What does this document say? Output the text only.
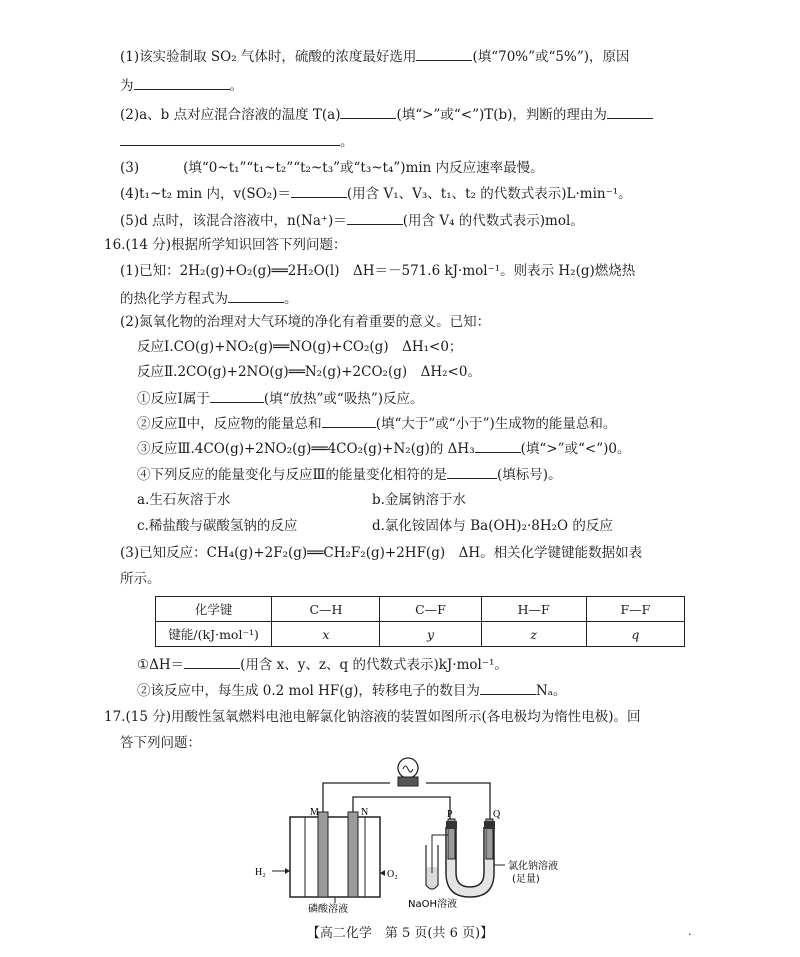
(1)该实验制取 SO₂ 气体时，硫酸的浓度最好选用	(填“70%”或“5%”)，原因
为	。
(2)a、b 点对应混合溶液的温度 T(a)	(填“>”或“<”)T(b)，判断的理由为
。
(3)	(填“0~t₁”“t₁~t₂”“t₂~t₃”或“t₃~t₄”)min 内反应速率最慢。
(4)t₁~t₂ min 内，v(SO₂)＝	(用含 V₁、V₃、t₁、t₂ 的代数式表示)L·min⁻¹。
(5)d 点时，该混合溶液中，n(Na⁺)＝	(用含 V₄ 的代数式表示)mol。
16.(14 分)根据所学知识回答下列问题：
(1)已知：2H₂(g)+O₂(g)══2H₂O(l)　ΔH＝－571.6 kJ·mol⁻¹。则表示 H₂(g)燃烧热
的热化学方程式为	。
(2)氮氧化物的治理对大气环境的净化有着重要的意义。已知：
反应Ⅰ.CO(g)+NO₂(g)══NO(g)+CO₂(g)　ΔH₁<0；
反应Ⅱ.2CO(g)+2NO(g)══N₂(g)+2CO₂(g)　ΔH₂<0。
①反应Ⅰ属于	(填“放热”或“吸热”)反应。
②反应Ⅱ中，反应物的能量总和	(填“大于”或“小于”)生成物的能量总和。
③反应Ⅲ.4CO(g)+2NO₂(g)══4CO₂(g)+N₂(g)的 ΔH₃	(填“>”或“<”)0。
④下列反应的能量变化与反应Ⅲ的能量变化相符的是	(填标号)。
a.生石灰溶于水	b.金属钠溶于水
c.稀盐酸与碳酸氢钠的反应	d.氯化铵固体与 Ba(OH)₂·8H₂O 的反应
(3)已知反应：CH₄(g)+2F₂(g)══CH₂F₂(g)+2HF(g)　ΔH。相关化学键键能数据如表
所示。
化学键	C—H	C—F	H—F	F—F
键能/(kJ·mol⁻¹)	x	y	z	q
①ΔH＝	(用含 x、y、z、q 的代数式表示)kJ·mol⁻¹。
②该反应中，每生成 0.2 mol HF(g)，转移电子的数目为	Nₐ。
17.(15 分)用酸性氢氧燃料电池电解氯化钠溶液的装置如图所示(各电极均为惰性电极)。回
答下列问题：
M	N
H₂	O₂
磷酸溶液	NaOH溶液
P	Q
氯化钠溶液
(足量)
【高二化学　第 5 页(共 6 页)】	·
